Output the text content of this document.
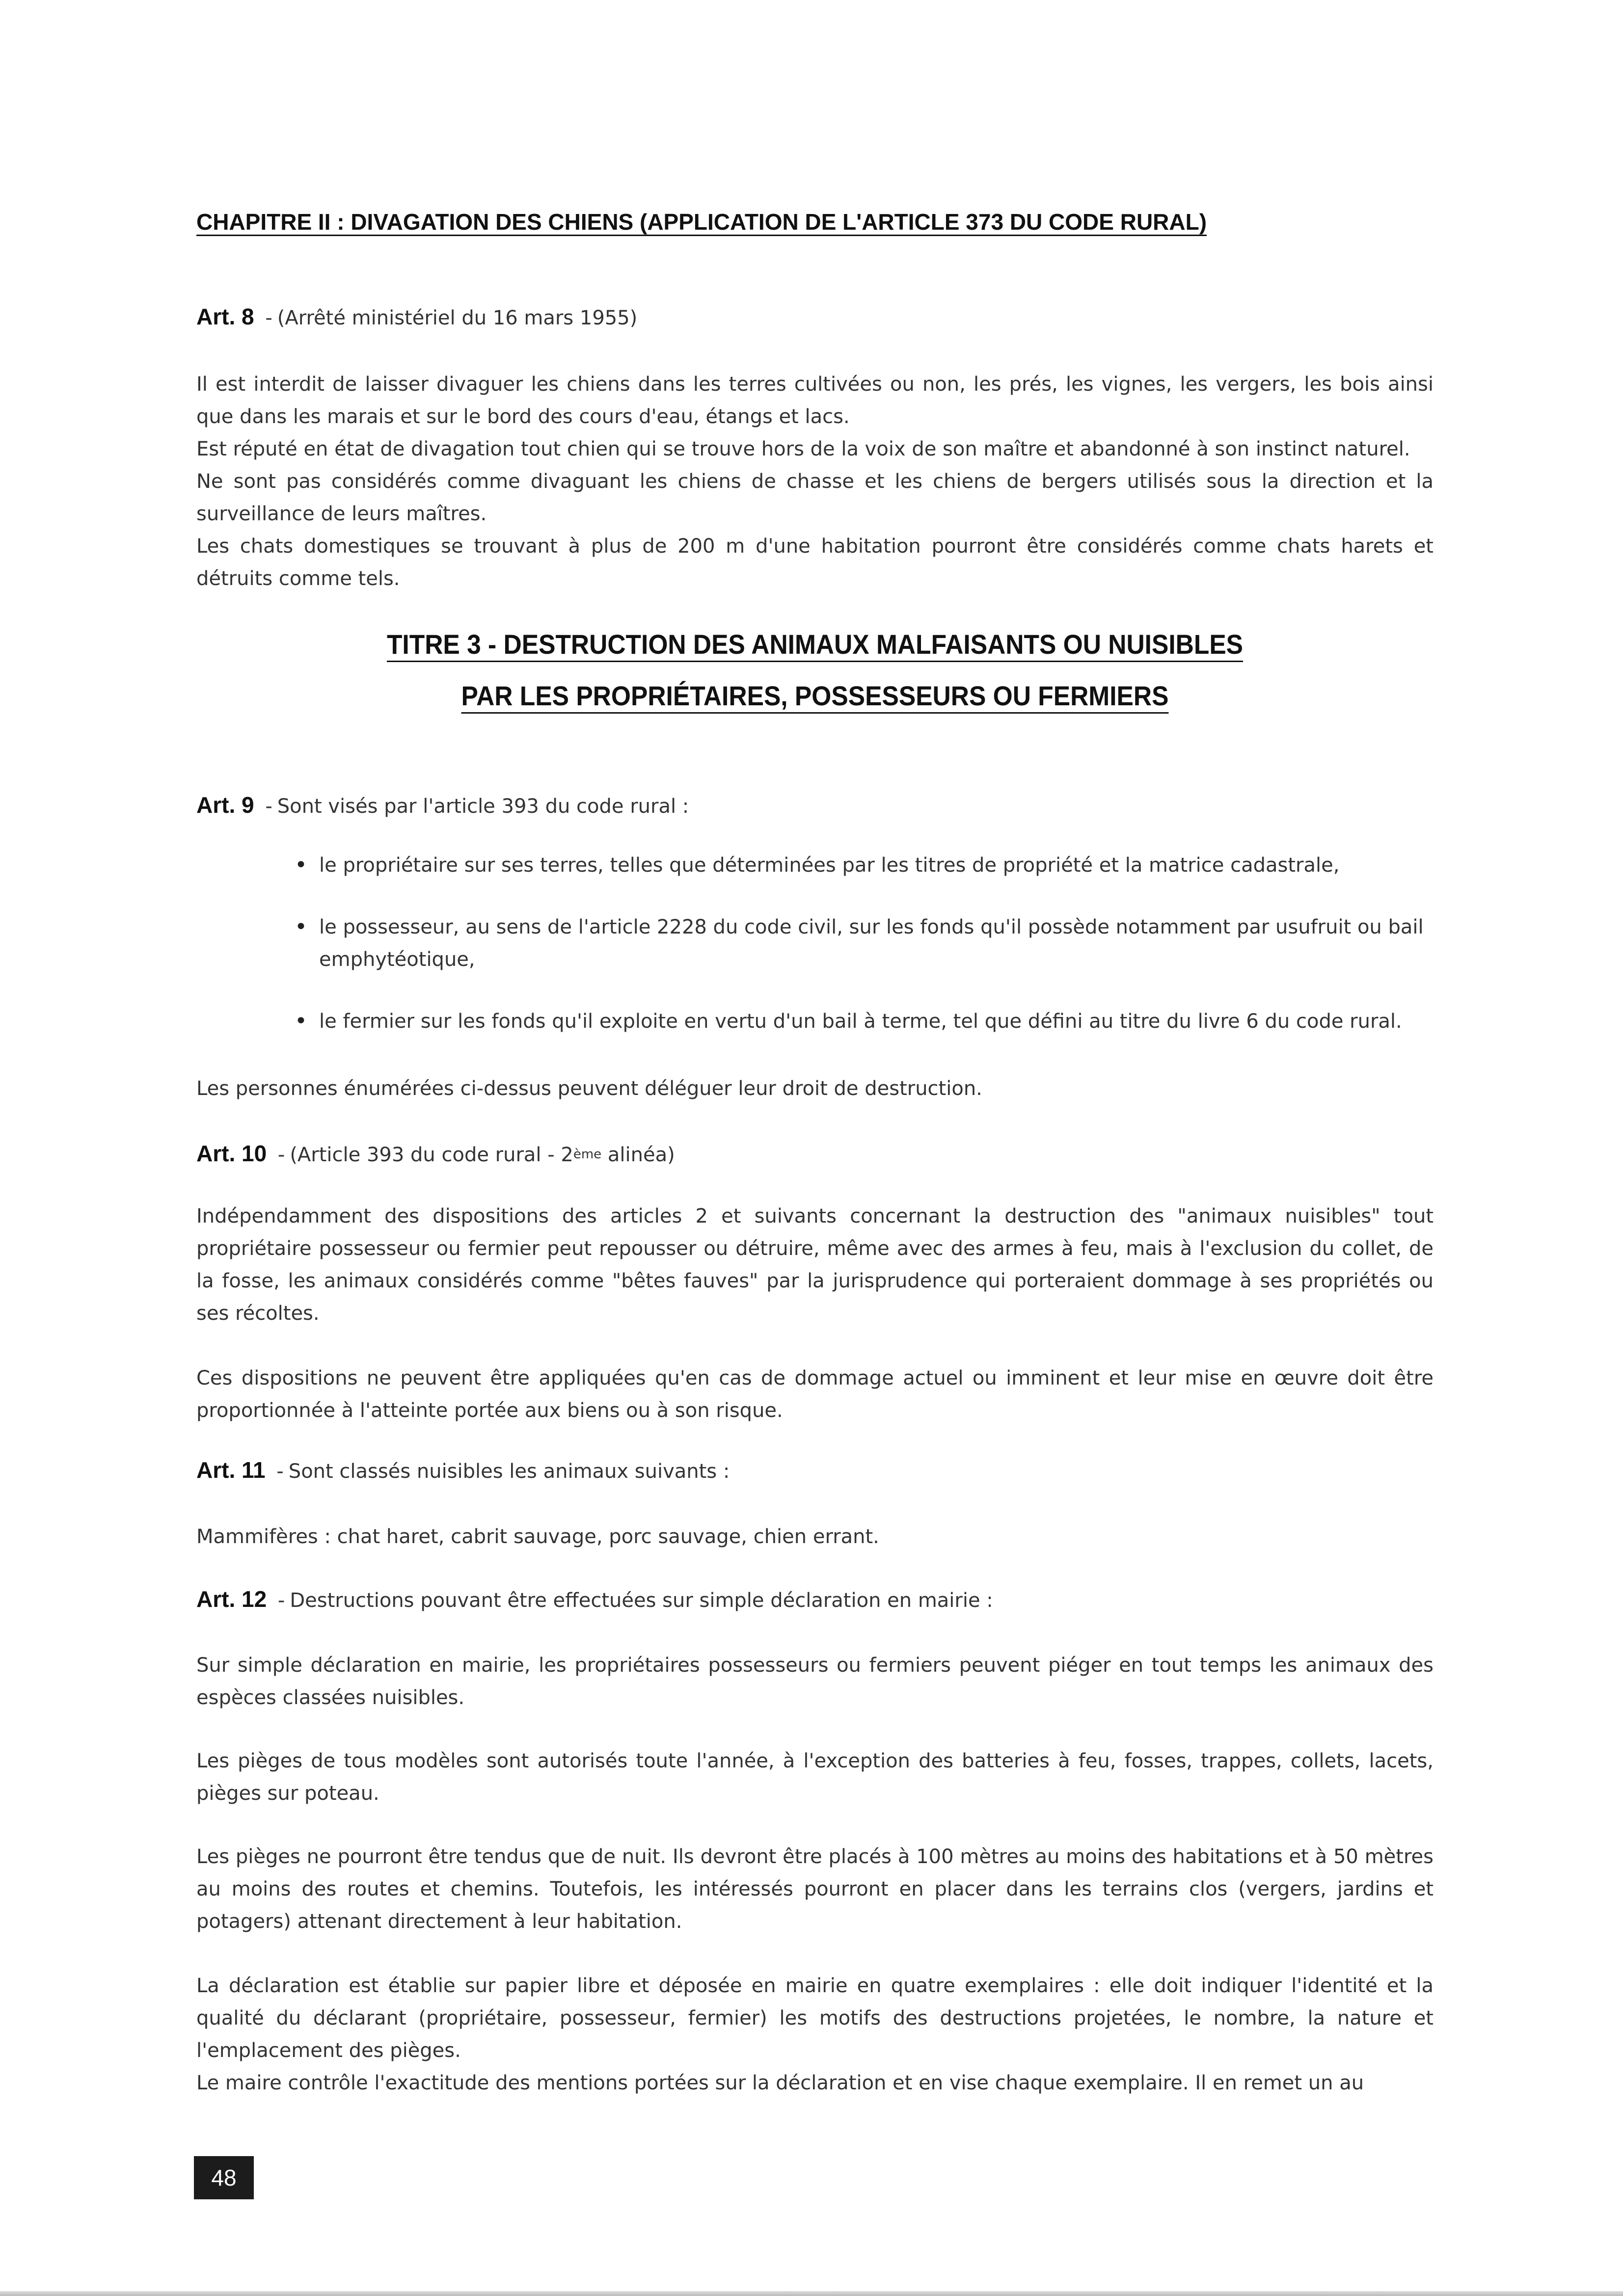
CHAPITRE II : DIVAGATION DES CHIENS (APPLICATION DE L'ARTICLE 373 DU CODE RURAL)
Art. 8 - (Arrêté ministériel du 16 mars 1955)
Il est interdit de laisser divaguer les chiens dans les terres cultivées ou non, les prés, les vignes, les vergers, les bois ainsi que dans les marais et sur le bord des cours d'eau, étangs et lacs.
Est réputé en état de divagation tout chien qui se trouve hors de la voix de son maître et abandonné à son instinct naturel.
Ne sont pas considérés comme divaguant les chiens de chasse et les chiens de bergers utilisés sous la direction et la surveillance de leurs maîtres.
Les chats domestiques se trouvant à plus de 200 m d'une habitation pourront être considérés comme chats harets et détruits comme tels.
TITRE 3 - DESTRUCTION DES ANIMAUX MALFAISANTS OU NUISIBLES
PAR LES PROPRIÉTAIRES, POSSESSEURS OU FERMIERS
Art. 9 - Sont visés par l'article 393 du code rural :
• le propriétaire sur ses terres, telles que déterminées par les titres de propriété et la matrice cadastrale,
• le possesseur, au sens de l'article 2228 du code civil, sur les fonds qu'il possède notamment par usufruit ou bail emphytéotique,
• le fermier sur les fonds qu'il exploite en vertu d'un bail à terme, tel que défini au titre du livre 6 du code rural.
Les personnes énumérées ci-dessus peuvent déléguer leur droit de destruction.
Art. 10 - (Article 393 du code rural - 2ème alinéa)
Indépendamment des dispositions des articles 2 et suivants concernant la destruction des "animaux nuisibles" tout propriétaire possesseur ou fermier peut repousser ou détruire, même avec des armes à feu, mais à l'exclusion du collet, de la fosse, les animaux considérés comme "bêtes fauves" par la jurisprudence qui porteraient dommage à ses propriétés ou ses récoltes.
Ces dispositions ne peuvent être appliquées qu'en cas de dommage actuel ou imminent et leur mise en œuvre doit être proportionnée à l'atteinte portée aux biens ou à son risque.
Art. 11 - Sont classés nuisibles les animaux suivants :
Mammifères : chat haret, cabrit sauvage, porc sauvage, chien errant.
Art. 12 - Destructions pouvant être effectuées sur simple déclaration en mairie :
Sur simple déclaration en mairie, les propriétaires possesseurs ou fermiers peuvent piéger en tout temps les animaux des espèces classées nuisibles.
Les pièges de tous modèles sont autorisés toute l'année, à l'exception des batteries à feu, fosses, trappes, collets, lacets, pièges sur poteau.
Les pièges ne pourront être tendus que de nuit. Ils devront être placés à 100 mètres au moins des habitations et à 50 mètres au moins des routes et chemins. Toutefois, les intéressés pourront en placer dans les terrains clos (vergers, jardins et potagers) attenant directement à leur habitation.
La déclaration est établie sur papier libre et déposée en mairie en quatre exemplaires : elle doit indiquer l'identité et la qualité du déclarant (propriétaire, possesseur, fermier) les motifs des destructions projetées, le nombre, la nature et l'emplacement des pièges.
Le maire contrôle l'exactitude des mentions portées sur la déclaration et en vise chaque exemplaire. Il en remet un au
48
